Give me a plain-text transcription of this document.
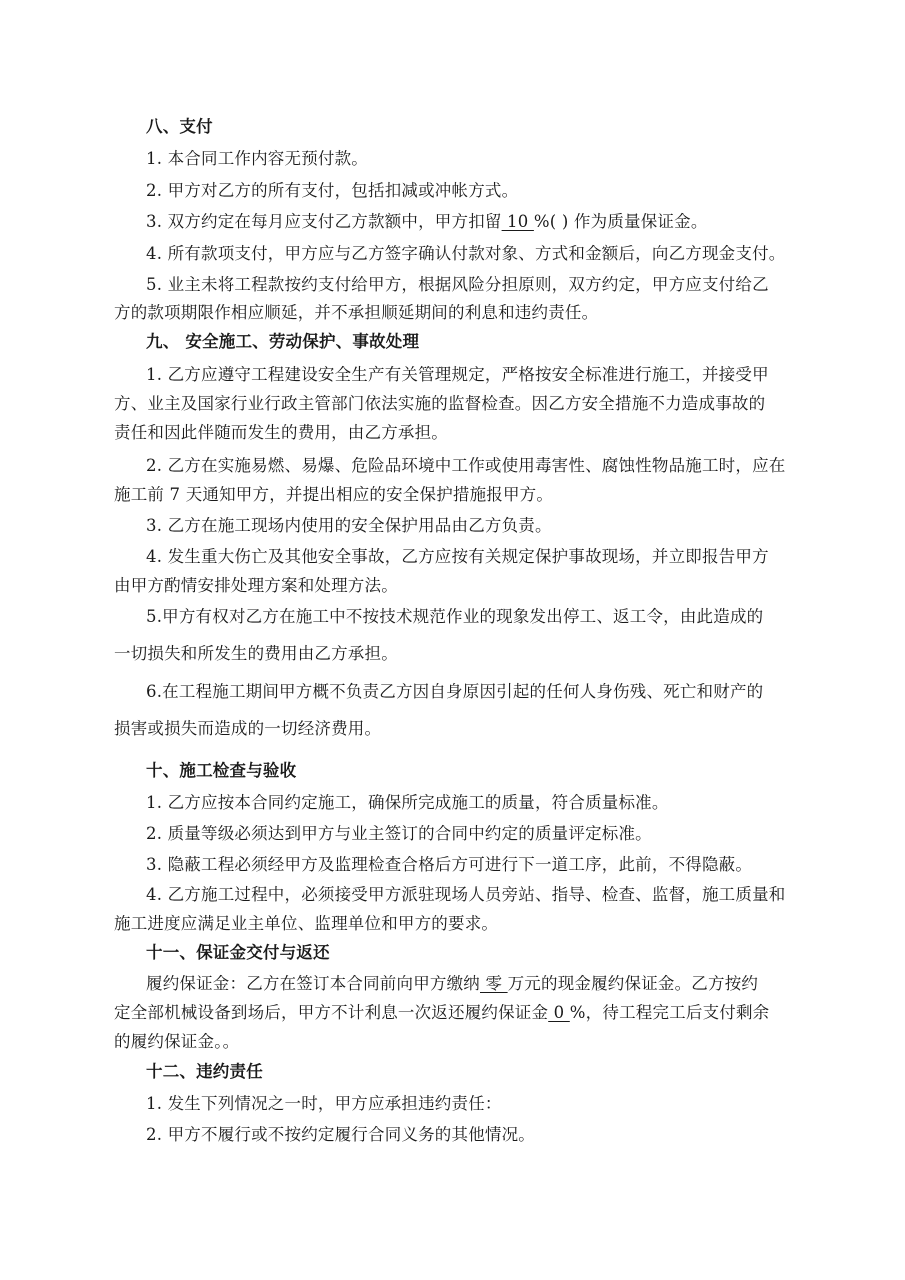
八、支付
1. 本合同工作内容无预付款。
2. 甲方对乙方的所有支付，包括扣减或冲帐方式。
3. 双方约定在每月应支付乙方款额中，甲方扣留 10 %( ) 作为质量保证金。
4. 所有款项支付，甲方应与乙方签字确认付款对象、方式和金额后，向乙方现金支付。
5. 业主未将工程款按约支付给甲方，根据风险分担原则，双方约定，甲方应支付给乙
方的款项期限作相应顺延，并不承担顺延期间的利息和违约责任。
九、 安全施工、劳动保护、事故处理
1. 乙方应遵守工程建设安全生产有关管理规定，严格按安全标准进行施工，并接受甲
方、业主及国家行业行政主管部门依法实施的监督检查。因乙方安全措施不力造成事故的
责任和因此伴随而发生的费用，由乙方承担。
2. 乙方在实施易燃、易爆、危险品环境中工作或使用毒害性、腐蚀性物品施工时，应在
施工前 7 天通知甲方，并提出相应的安全保护措施报甲方。
3. 乙方在施工现场内使用的安全保护用品由乙方负责。
4. 发生重大伤亡及其他安全事故，乙方应按有关规定保护事故现场，并立即报告甲方
由甲方酌情安排处理方案和处理方法。
5.甲方有权对乙方在施工中不按技术规范作业的现象发出停工、返工令，由此造成的
一切损失和所发生的费用由乙方承担。
6.在工程施工期间甲方概不负责乙方因自身原因引起的任何人身伤残、死亡和财产的
损害或损失而造成的一切经济费用。
十、施工检查与验收
1. 乙方应按本合同约定施工，确保所完成施工的质量，符合质量标准。
2. 质量等级必须达到甲方与业主签订的合同中约定的质量评定标准。
3. 隐蔽工程必须经甲方及监理检查合格后方可进行下一道工序，此前，不得隐蔽。
4. 乙方施工过程中，必须接受甲方派驻现场人员旁站、指导、检查、监督，施工质量和
施工进度应满足业主单位、监理单位和甲方的要求。
十一、保证金交付与返还
履约保证金：乙方在签订本合同前向甲方缴纳 零 万元的现金履约保证金。乙方按约
定全部机械设备到场后，甲方不计利息一次返还履约保证金 0 %，待工程完工后支付剩余
的履约保证金。。
十二、违约责任
1. 发生下列情况之一时，甲方应承担违约责任：
2. 甲方不履行或不按约定履行合同义务的其他情况。
